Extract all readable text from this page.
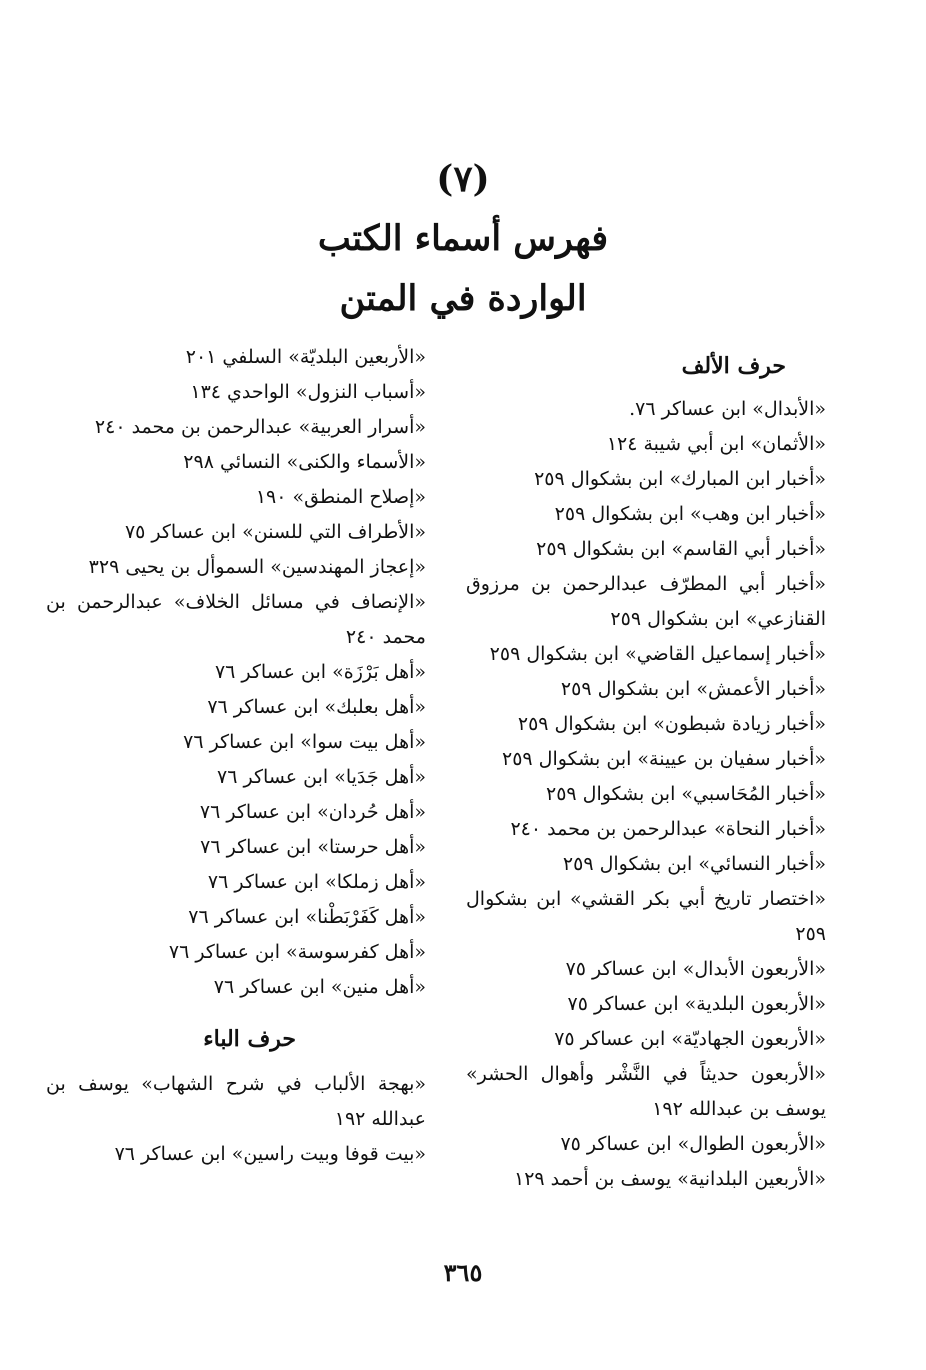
(٧)
فهرس أسماء الكتب
الواردة في المتن
حرف الألف
«الأبدال» ابن عساكر ٧٦.
«الأثمان» ابن أبي شيبة ١٢٤
«أخبار ابن المبارك» ابن بشكوال ٢٥٩
«أخبار ابن وهب» ابن بشكوال ٢٥٩
«أخبار أبي القاسم» ابن بشكوال ٢٥٩
«أخبار أبي المطرّف عبدالرحمن بن مرزوق القنازعي» ابن بشكوال ٢٥٩
«أخبار إسماعيل القاضي» ابن بشكوال ٢٥٩
«أخبار الأعمش» ابن بشكوال ٢٥٩
«أخبار زيادة شبطون» ابن بشكوال ٢٥٩
«أخبار سفيان بن عيينة» ابن بشكوال ٢٥٩
«أخبار المُحَاسبي» ابن بشكوال ٢٥٩
«أخبار النحاة» عبدالرحمن بن محمد ٢٤٠
«أخبار النسائي» ابن بشكوال ٢٥٩
«اختصار تاريخ أبي بكر القشي» ابن بشكوال ٢٥٩
«الأربعون الأبدال» ابن عساكر ٧٥
«الأربعون البلدية» ابن عساكر ٧٥
«الأربعون الجهاديّة» ابن عساكر ٧٥
«الأربعون حديثاً في النَّشْر وأهوال الحشر» يوسف بن عبدالله ١٩٢
«الأربعون الطوال» ابن عساكر ٧٥
«الأربعين البلدانية» يوسف بن أحمد ١٢٩
«الأربعين البلديّة» السلفي ٢٠١
«أسباب النزول» الواحدي ١٣٤
«أسرار العربية» عبدالرحمن بن محمد ٢٤٠
«الأسماء والكنى» النسائي ٢٩٨
«إصلاح المنطق» ١٩٠
«الأطراف التي للسنن» ابن عساكر ٧٥
«إعجاز المهندسين» السموأل بن يحيى ٣٢٩
«الإنصاف في مسائل الخلاف» عبدالرحمن بن محمد ٢٤٠
«أهل بَرْزَة» ابن عساكر ٧٦
«أهل بعلبك» ابن عساكر ٧٦
«أهل بيت سوا» ابن عساكر ٧٦
«أهل جَدَيا» ابن عساكر ٧٦
«أهل حُردان» ابن عساكر ٧٦
«أهل حرستا» ابن عساكر ٧٦
«أهل زملكا» ابن عساكر ٧٦
«أهل كَفَرْبَطْنا» ابن عساكر ٧٦
«أهل كفرسوسة» ابن عساكر ٧٦
«أهل منين» ابن عساكر ٧٦
حرف الباء
«بهجة الألباب في شرح الشهاب» يوسف بن عبدالله ١٩٢
«بيت قوفا وبيت راسين» ابن عساكر ٧٦
٣٦٥
